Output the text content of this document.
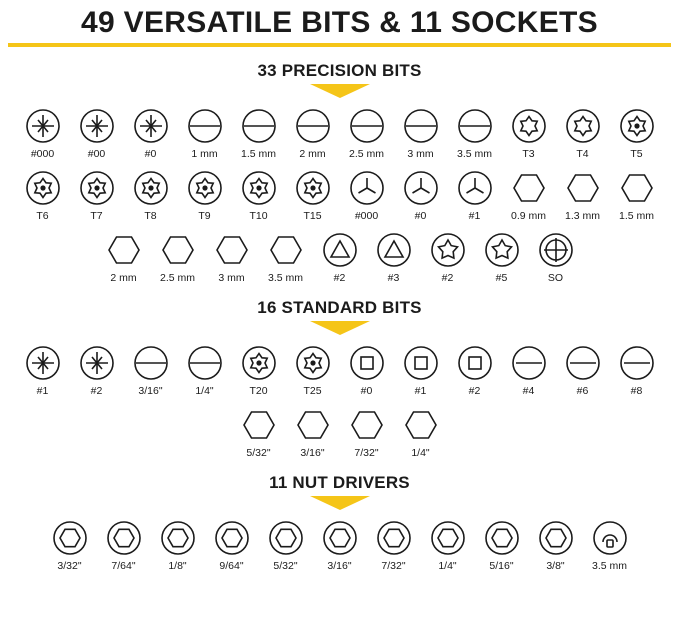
49 VERSATILE BITS & 11 SOCKETS
33 PRECISION BITS
#000	#00	#0	1 mm 1.5 mm 2 mm 2.5 mm 3 mm 3.5 mm	T3	T4	T5
T6	T7	T8	T9	T10	T15	#000	#0	#1	0.9 mm 1.3 mm 1.5 mm
2 mm 2.5 mm 3 mm 3.5 mm	#2	#3	#2	#5	SO
16 STANDARD BITS
#1	#2	3/16"	1/4"	T20	T25	#0	#1	#2	#4	#6	#8
5/32"	3/16"	7/32"	1/4"
11 NUT DRIVERS
3/32"	7/64"	1/8"	9/64"	5/32"	3/16"	7/32"	1/4"	5/16"	3/8"	3.5 mm
